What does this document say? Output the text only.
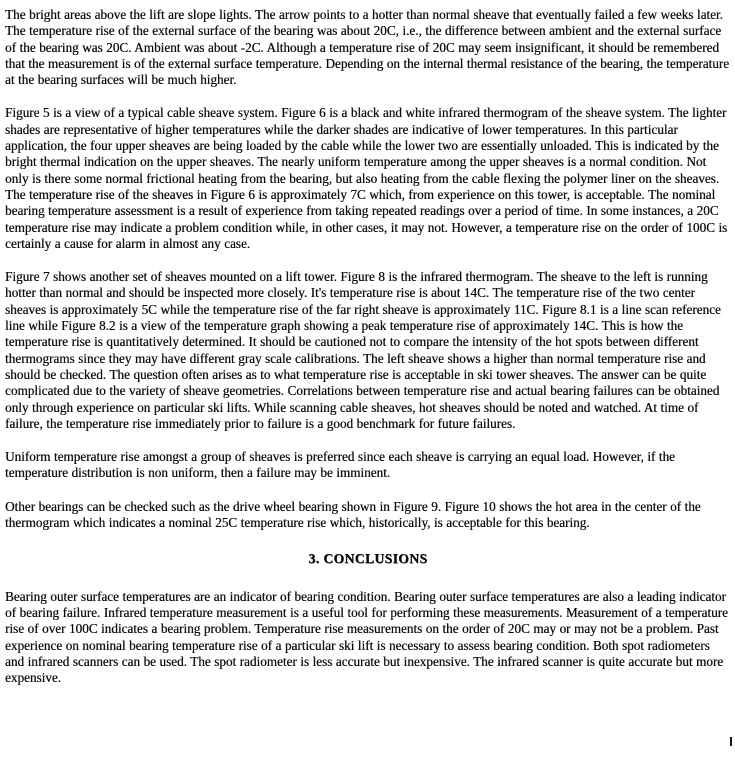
The bright areas above the lift are slope lights. The arrow points to a hotter than normal sheave that eventually failed a few weeks later. The temperature rise of the external surface of the bearing was about 20C, i.e., the difference between ambient and the external surface of the bearing was 20C. Ambient was about -2C. Although a temperature rise of 20C may seem insignificant, it should be remembered that the measurement is of the external surface temperature. Depending on the internal thermal resistance of the bearing, the temperature at the bearing surfaces will be much higher.

Figure 5 is a view of a typical cable sheave system. Figure 6 is a black and white infrared thermogram of the sheave system. The lighter shades are representative of higher temperatures while the darker shades are indicative of lower temperatures. In this particular application, the four upper sheaves are being loaded by the cable while the lower two are essentially unloaded. This is indicated by the bright thermal indication on the upper sheaves. The nearly uniform temperature among the upper sheaves is a normal condition. Not only is there some normal frictional heating from the bearing, but also heating from the cable flexing the polymer liner on the sheaves. The temperature rise of the sheaves in Figure 6 is approximately 7C which, from experience on this tower, is acceptable. The nominal bearing temperature assessment is a result of experience from taking repeated readings over a period of time. In some instances, a 20C temperature rise may indicate a problem condition while, in other cases, it may not. However, a temperature rise on the order of 100C is certainly a cause for alarm in almost any case.

Figure 7 shows another set of sheaves mounted on a lift tower. Figure 8 is the infrared thermogram. The sheave to the left is running hotter than normal and should be inspected more closely. It's temperature rise is about 14C. The temperature rise of the two center sheaves is approximately 5C while the temperature rise of the far right sheave is approximately 11C. Figure 8.1 is a line scan reference line while Figure 8.2 is a view of the temperature graph showing a peak temperature rise of approximately 14C. This is how the temperature rise is quantitatively determined. It should be cautioned not to compare the intensity of the hot spots between different thermograms since they may have different gray scale calibrations. The left sheave shows a higher than normal temperature rise and should be checked. The question often arises as to what temperature rise is acceptable in ski tower sheaves. The answer can be quite complicated due to the variety of sheave geometries. Correlations between temperature rise and actual bearing failures can be obtained only through experience on particular ski lifts. While scanning cable sheaves, hot sheaves should be noted and watched. At time of failure, the temperature rise immediately prior to failure is a good benchmark for future failures.

Uniform temperature rise amongst a group of sheaves is preferred since each sheave is carrying an equal load. However, if the temperature distribution is non uniform, then a failure may be imminent.

Other bearings can be checked such as the drive wheel bearing shown in Figure 9. Figure 10 shows the hot area in the center of the thermogram which indicates a nominal 25C temperature rise which, historically, is acceptable for this bearing.

3. CONCLUSIONS

Bearing outer surface temperatures are an indicator of bearing condition. Bearing outer surface temperatures are also a leading indicator of bearing failure. Infrared temperature measurement is a useful tool for performing these measurements. Measurement of a temperature rise of over 100C indicates a bearing problem. Temperature rise measurements on the order of 20C may or may not be a problem. Past experience on nominal bearing temperature rise of a particular ski lift is necessary to assess bearing condition. Both spot radiometers and infrared scanners can be used. The spot radiometer is less accurate but inexpensive. The infrared scanner is quite accurate but more expensive.
